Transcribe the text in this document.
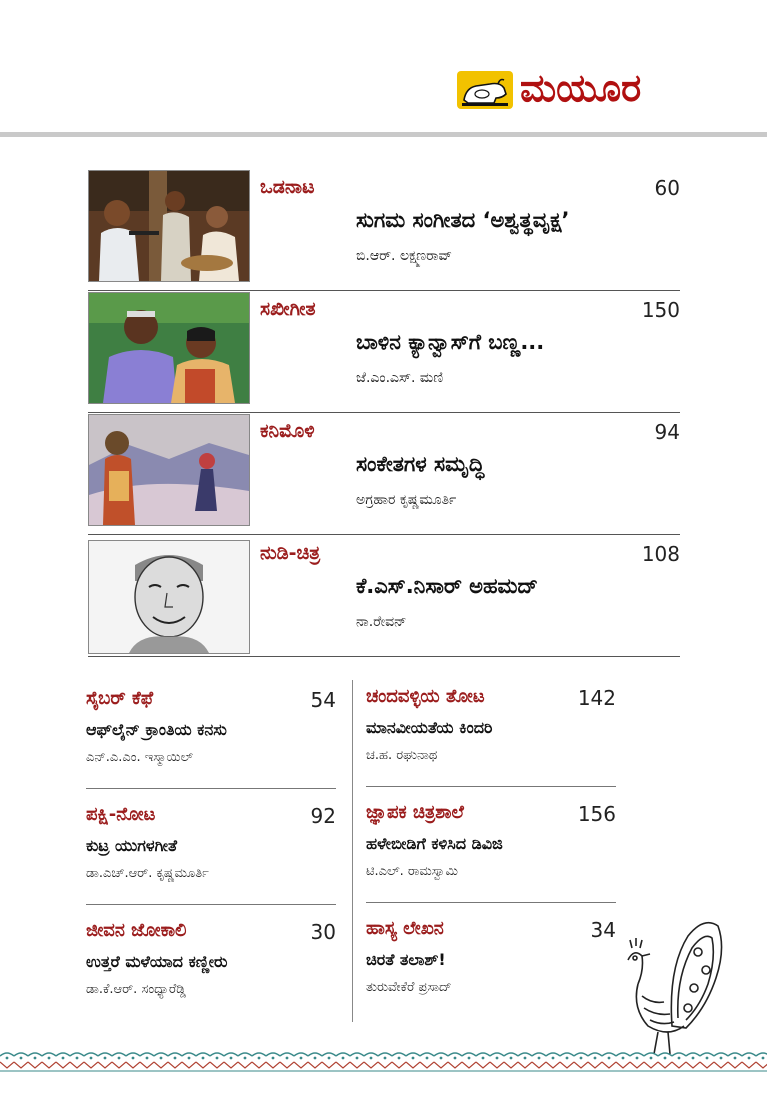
ಮಯೂರ
ಒಡನಾಟ	60
ಸುಗಮ ಸಂಗೀತದ ‘ಅಶ್ವತ್ಥವೃಕ್ಷ’
ಬಿ.ಆರ್. ಲಕ್ಷ್ಮಣರಾವ್
ಸಖೀಗೀತ	150
ಬಾಳಿನ ಕ್ಯಾನ್ವಾಸ್‌ಗೆ ಬಣ್ಣ...
ಜೆ.ಎಂ.ಎಸ್. ಮಣಿ
ಕನಿಮೊಳಿ	94
ಸಂಕೇತಗಳ ಸಮೃದ್ಧಿ
ಅಗ್ರಹಾರ ಕೃಷ್ಣಮೂರ್ತಿ
ನುಡಿ-ಚಿತ್ರ	108
ಕೆ.ಎಸ್.ನಿಸಾರ್ ಅಹಮದ್
ನಾ.ರೇವನ್
ಸೈಬರ್ ಕೆಫೆ	54
ಆಫ್‌ಲೈನ್ ಕ್ರಾಂತಿಯ ಕನಸು
ಎನ್.ಎ.ಎಂ. ಇಸ್ಮಾಯಿಲ್
ಪಕ್ಷಿ-ನೋಟ	92
ಕುಟ್ರ ಯುಗಳಗೀತೆ
ಡಾ.ಎಚ್.ಆರ್. ಕೃಷ್ಣಮೂರ್ತಿ
ಜೀವನ ಜೋಕಾಲಿ	30
ಉತ್ತರೆ ಮಳೆಯಾದ ಕಣ್ಣೀರು
ಡಾ.ಕೆ.ಆರ್. ಸಂಧ್ಯಾರೆಡ್ಡಿ
ಚಂದವಳ್ಳಿಯ ತೋಟ	142
ಮಾನವೀಯತೆಯ ಕಿಂದರಿ
ಚ.ಹ. ರಘುನಾಥ
ಜ್ಞಾಪಕ ಚಿತ್ರಶಾಲೆ	156
ಹಳೇಬೀಡಿಗೆ ಕಳಿಸಿದ ಡಿವಿಜಿ
ಟಿ.ಎಲ್. ರಾಮಸ್ವಾಮಿ
ಹಾಸ್ಯ ಲೇಖನ	34
ಚಿರತೆ ತಲಾಶ್!
ತುರುವೇಕೆರೆ ಪ್ರಸಾದ್
